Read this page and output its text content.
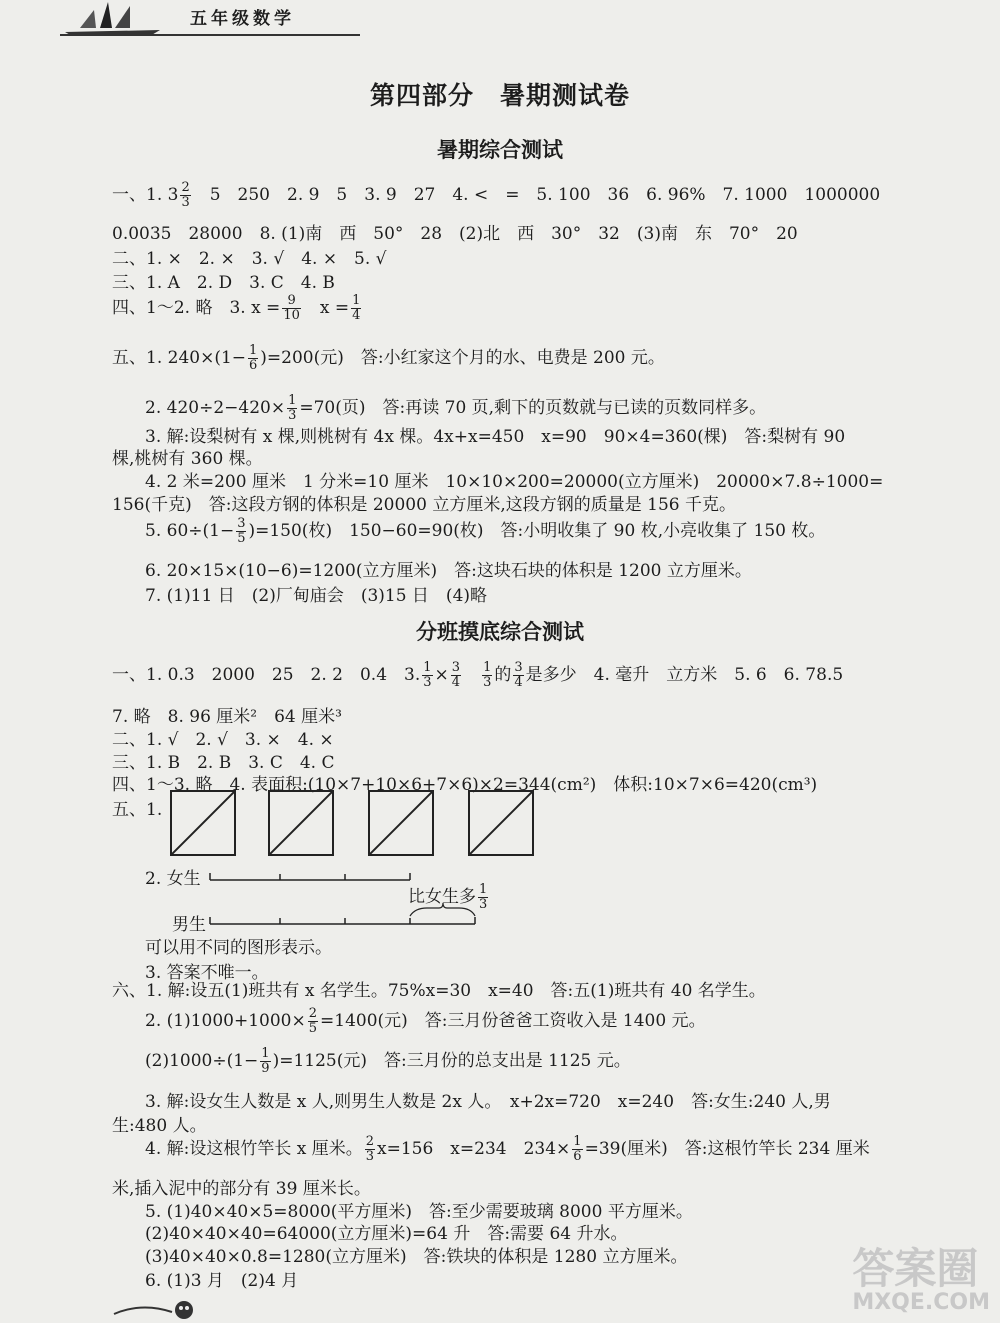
五年级数学
第四部分　暑期测试卷
暑期综合测试
一、1. $3 \frac{2}{3}$ 　5　250　2. 9　5　3. 9　27　4. <　=　5. 100　36　6. 96%　7. 1000　1000000
0.0035　28000　8. (1)南　西　50°　28　(2)北　西　30°　32　(3)南　东　70°　20
二、1. ×　2. ×　3. √　4. ×　5. √
三、1. A　2. D　3. C　4. B
四、1～2. 略　3. $x = \frac{9}{10}$ 　$x = \frac{1}{4}$
五、1. $240\times(1- \frac{1}{6} )=200$(元)　答:小红家这个月的水、电费是 200 元。
2. $420\div 2-420\times \frac{1}{3} =70$(页)　答:再读 70 页,剩下的页数就与已读的页数同样多。
3. 解:设梨树有 x 棵,则桃树有 4x 棵。4x+x=450　x=90　90×4=360(棵)　答:梨树有 90
棵,桃树有 360 棵。
4. 2 米=200 厘米　1 分米=10 厘米　10×10×200=20000(立方厘米)　20000×7.8÷1000=
156(千克)　答:这段方钢的体积是 20000 立方厘米,这段方钢的质量是 156 千克。
5. $60\div(1- \frac{3}{5} )=150$(枚)　150−60=90(枚)　答:小明收集了 90 枚,小亮收集了 150 枚。
6. 20×15×(10−6)=1200(立方厘米)　答:这块石块的体积是 1200 立方厘米。
7. (1)11 日　(2)厂甸庙会　(3)15 日　(4)略
分班摸底综合测试
一、1. 0.3　2000　25　2. 2　0.4　3. $\frac{1}{3} \times \frac{3}{4}$
　 $\frac{1}{3}$ 的 $\frac{3}{4}$ 是多少　4. 毫升　立方米　5. 6　6. 78.5
7. 略　8. 96 厘米²　64 厘米³
二、1. √　2. √　3. ×　4. ×
三、1. B　2. B　3. C　4. C
四、1～3. 略　4. 表面积:(10×7+10×6+7×6)×2=344(cm²)　体积:10×7×6=420(cm³)
五、1.
2. 女生
比女生多 $\frac{1}{3}$
男生
可以用不同的图形表示。
3. 答案不唯一。
六、1. 解:设五(1)班共有 x 名学生。75%x=30　x=40　答:五(1)班共有 40 名学生。
2. $(1)1000+1000\times \frac{2}{5} =1400$(元)　答:三月份爸爸工资收入是 1400 元。
$(2)1000\div(1- \frac{1}{9} )=1125$(元)　答:三月份的总支出是 1125 元。
3. 解:设女生人数是 x 人,则男生人数是 2x 人。　x+2x=720　x=240　答:女生:240 人,男
生:480 人。
4. 解:设这根竹竿长 x 厘米。 $\frac{2}{3} x=156$　x=234　$234\times \frac{1}{6} =39$(厘米)　答:这根竹竿长 234 厘米
米,插入泥中的部分有 39 厘米长。
5. (1)40×40×5=8000(平方厘米)　答:至少需要玻璃 8000 平方厘米。
(2)40×40×40=64000(立方厘米)=64 升　答:需要 64 升水。
(3)40×40×0.8=1280(立方厘米)　答:铁块的体积是 1280 立方厘米。
6. (1)3 月　(2)4 月	答案圈
MXQE.COM
